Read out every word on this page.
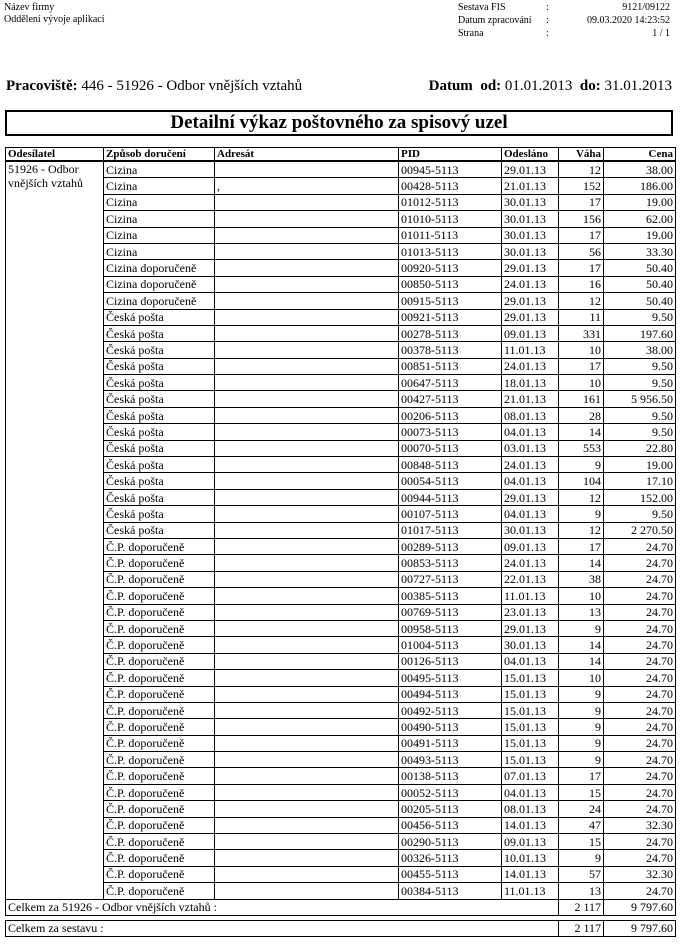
Název firmy
Oddělení vývoje aplikací
Sestava FIS	:	9121/09122
Datum zpracování	:	09.03.2020 14:23:52
Strana	:	1 / 1
Pracoviště: 446 - 51926 - Odbor vnějších vztahů	Datum od: 01.01.2013 do: 31.01.2013
Detailní výkaz poštovného za spisový uzel
Odesílatel	Způsob doručení	Adresát	PID	Odesláno	Váha	Cena
51926 - Odbor vnějších vztahů	Cizina		00945-5113	29.01.13	12	38.00
	Cizina	,	00428-5113	21.01.13	152	186.00
	Cizina		01012-5113	30.01.13	17	19.00
	Cizina		01010-5113	30.01.13	156	62.00
	Cizina		01011-5113	30.01.13	17	19.00
	Cizina		01013-5113	30.01.13	56	33.30
	Cizina doporučeně		00920-5113	29.01.13	17	50.40
	Cizina doporučeně		00850-5113	24.01.13	16	50.40
	Cizina doporučeně		00915-5113	29.01.13	12	50.40
	Česká pošta		00921-5113	29.01.13	11	9.50
	Česká pošta		00278-5113	09.01.13	331	197.60
	Česká pošta		00378-5113	11.01.13	10	38.00
	Česká pošta		00851-5113	24.01.13	17	9.50
	Česká pošta		00647-5113	18.01.13	10	9.50
	Česká pošta		00427-5113	21.01.13	161	5 956.50
	Česká pošta		00206-5113	08.01.13	28	9.50
	Česká pošta		00073-5113	04.01.13	14	9.50
	Česká pošta		00070-5113	03.01.13	553	22.80
	Česká pošta		00848-5113	24.01.13	9	19.00
	Česká pošta		00054-5113	04.01.13	104	17.10
	Česká pošta		00944-5113	29.01.13	12	152.00
	Česká pošta		00107-5113	04.01.13	9	9.50
	Česká pošta		01017-5113	30.01.13	12	2 270.50
	Č.P. doporučeně		00289-5113	09.01.13	17	24.70
	Č.P. doporučeně		00853-5113	24.01.13	14	24.70
	Č.P. doporučeně		00727-5113	22.01.13	38	24.70
	Č.P. doporučeně		00385-5113	11.01.13	10	24.70
	Č.P. doporučeně		00769-5113	23.01.13	13	24.70
	Č.P. doporučeně		00958-5113	29.01.13	9	24.70
	Č.P. doporučeně		01004-5113	30.01.13	14	24.70
	Č.P. doporučeně		00126-5113	04.01.13	14	24.70
	Č.P. doporučeně		00495-5113	15.01.13	10	24.70
	Č.P. doporučeně		00494-5113	15.01.13	9	24.70
	Č.P. doporučeně		00492-5113	15.01.13	9	24.70
	Č.P. doporučeně		00490-5113	15.01.13	9	24.70
	Č.P. doporučeně		00491-5113	15.01.13	9	24.70
	Č.P. doporučeně		00493-5113	15.01.13	9	24.70
	Č.P. doporučeně		00138-5113	07.01.13	17	24.70
	Č.P. doporučeně		00052-5113	04.01.13	15	24.70
	Č.P. doporučeně		00205-5113	08.01.13	24	24.70
	Č.P. doporučeně		00456-5113	14.01.13	47	32.30
	Č.P. doporučeně		00290-5113	09.01.13	15	24.70
	Č.P. doporučeně		00326-5113	10.01.13	9	24.70
	Č.P. doporučeně		00455-5113	14.01.13	57	32.30
	Č.P. doporučeně		00384-5113	11.01.13	13	24.70
Celkem za 51926 - Odbor vnějších vztahů :					2 117	9 797.60

Celkem za sestavu :					2 117	9 797.60
